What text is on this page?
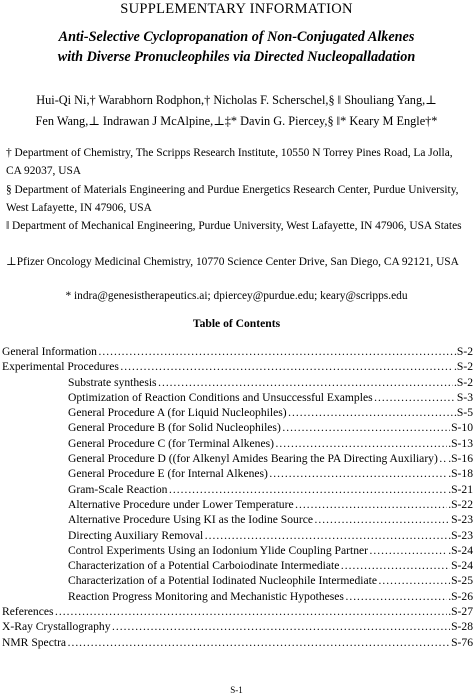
SUPPLEMENTARY INFORMATION
Anti-Selective Cyclopropanation of Non-Conjugated Alkenes
with Diverse Pronucleophiles via Directed Nucleopalladation
Hui-Qi Ni,† Warabhorn Rodphon,† Nicholas F. Scherschel,§ ‖ Shouliang Yang,⊥
Fen Wang,⊥ Indrawan J McAlpine,⊥‡* Davin G. Piercey,§ ‖* Keary M Engle†*
† Department of Chemistry, The Scripps Research Institute, 10550 N Torrey Pines Road, La Jolla, CA 92037, USA
§ Department of Materials Engineering and Purdue Energetics Research Center, Purdue University, West Lafayette, IN 47906, USA
‖ Department of Mechanical Engineering, Purdue University, West Lafayette, IN 47906, USA States
⊥Pfizer Oncology Medicinal Chemistry, 10770 Science Center Drive, San Diego, CA 92121, USA
* indra@genesistherapeutics.ai; dpiercey@purdue.edu; keary@scripps.edu
Table of Contents
General Information ……………………………………………………………………………………………………………………………………………………………………	.S-2
Experimental Procedures ……………………………………………………………………………………………………………………………………………………………………	.S-2
Substrate synthesis ……………………………………………………………………………………………………………………………………………………………………	.S-2
Optimization of Reaction Conditions and Unsuccessful Examples ……………………………………………………………………………………………………………………………………………………………………	S-3
General Procedure A (for Liquid Nucleophiles) ……………………………………………………………………………………………………………………………………………………………………	.S-5
General Procedure B (for Solid Nucleophiles) ……………………………………………………………………………………………………………………………………………………………………	S-10
General Procedure C (for Terminal Alkenes) ……………………………………………………………………………………………………………………………………………………………………	.S-13
General Procedure D ((for Alkenyl Amides Bearing the PA Directing Auxiliary) …………………………………………………………………………………………………………………………………………………………………… .S-16
General Procedure E (for Internal Alkenes) ……………………………………………………………………………………………………………………………………………………………………	.S-18
Gram-Scale Reaction ……………………………………………………………………………………………………………………………………………………………………	.S-21
Alternative Procedure under Lower Temperature ……………………………………………………………………………………………………………………………………………………………………	.S-22
Alternative Procedure Using KI as the Iodine Source ……………………………………………………………………………………………………………………………………………………………………	S-23
Directing Auxiliary Removal ……………………………………………………………………………………………………………………………………………………………………	.S-23
Control Experiments Using an Iodonium Ylide Coupling Partner ……………………………………………………………………………………………………………………………………………………………………	.S-24
Characterization of a Potential Carboiodinate Intermediate ……………………………………………………………………………………………………………………………………………………………………	S-24
Characterization of a Potential Iodinated Nucleophile Intermediate ……………………………………………………………………………………………………………………………………………………………………	S-25
Reaction Progress Monitoring and Mechanistic Hypotheses ……………………………………………………………………………………………………………………………………………………………………	.S-26
References ……………………………………………………………………………………………………………………………………………………………………	.S-27
X-Ray Crystallography ……………………………………………………………………………………………………………………………………………………………………	S-28
NMR Spectra ……………………………………………………………………………………………………………………………………………………………………	S-76
S-1
